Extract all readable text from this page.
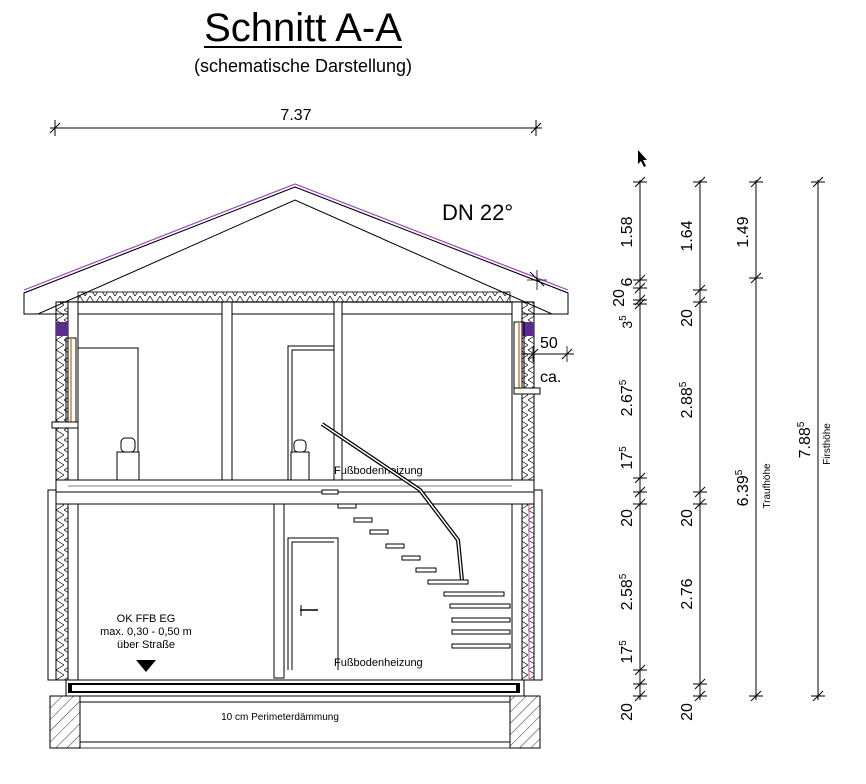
Schnitt A-A
(schematische Darstellung)
7.37
DN 22°
Fußbodenheizung
Fußbodenheizung
OK FFB EG
max. 0,30 - 0,50 m
über Straße
10 cm Perimeterdämmung
50
ca.
1.58
6
20
$3^5$
2.67$^5$
$17^5$
20
2.58$^5$
$17^5$
20
1.64
20
2.88$^5$
20
2.76
20
1.49
6.39$^5$	Traufhöhe
7.88$^5$	Firsthöhe
